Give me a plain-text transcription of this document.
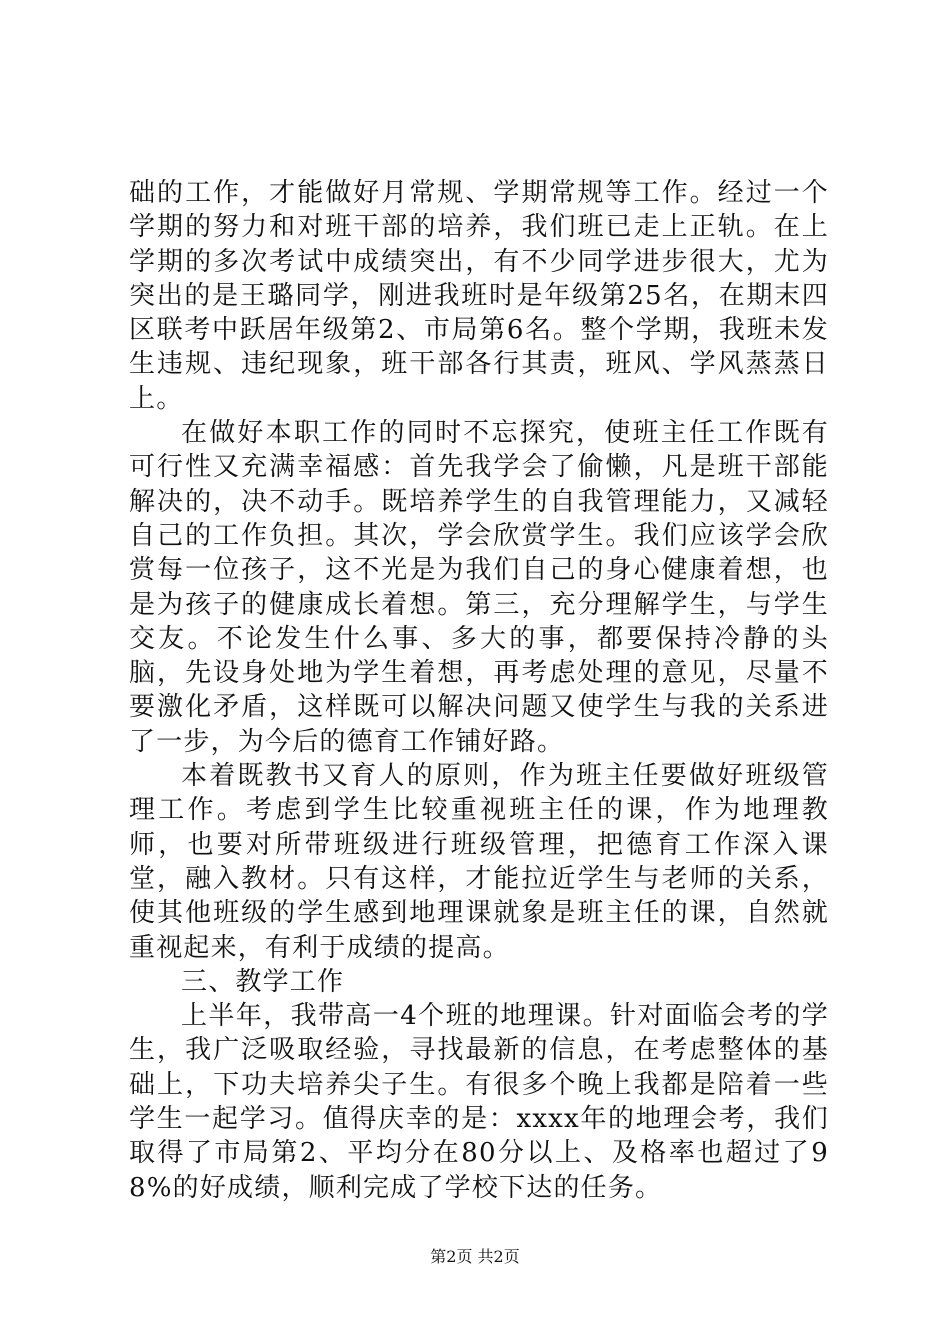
础的工作，才能做好月常规、学期常规等工作。经过一个学期的努力和对班干部的培养，我们班已走上正轨。在上学期的多次考试中成绩突出，有不少同学进步很大，尤为突出的是王璐同学，刚进我班时是年级第25名，在期末四区联考中跃居年级第2、市局第6名。整个学期，我班未发生违规、违纪现象，班干部各行其责，班风、学风蒸蒸日上。

在做好本职工作的同时不忘探究，使班主任工作既有可行性又充满幸福感：首先我学会了偷懒，凡是班干部能解决的，决不动手。既培养学生的自我管理能力，又减轻自己的工作负担。其次，学会欣赏学生。我们应该学会欣赏每一位孩子，这不光是为我们自己的身心健康着想，也是为孩子的健康成长着想。第三，充分理解学生，与学生交友。不论发生什么事、多大的事，都要保持冷静的头脑，先设身处地为学生着想，再考虑处理的意见，尽量不要激化矛盾，这样既可以解决问题又使学生与我的关系进了一步，为今后的德育工作铺好路。

本着既教书又育人的原则，作为班主任要做好班级管理工作。考虑到学生比较重视班主任的课，作为地理教师，也要对所带班级进行班级管理，把德育工作深入课堂，融入教材。只有这样，才能拉近学生与老师的关系，使其他班级的学生感到地理课就象是班主任的课，自然就重视起来，有利于成绩的提高。

三、教学工作

上半年，我带高一4个班的地理课。针对面临会考的学生，我广泛吸取经验，寻找最新的信息，在考虑整体的基础上，下功夫培养尖子生。有很多个晚上我都是陪着一些学生一起学习。值得庆幸的是：xxxx年的地理会考，我们取得了市局第2、平均分在80分以上、及格率也超过了98%的好成绩，顺利完成了学校下达的任务。

第2页 共2页
